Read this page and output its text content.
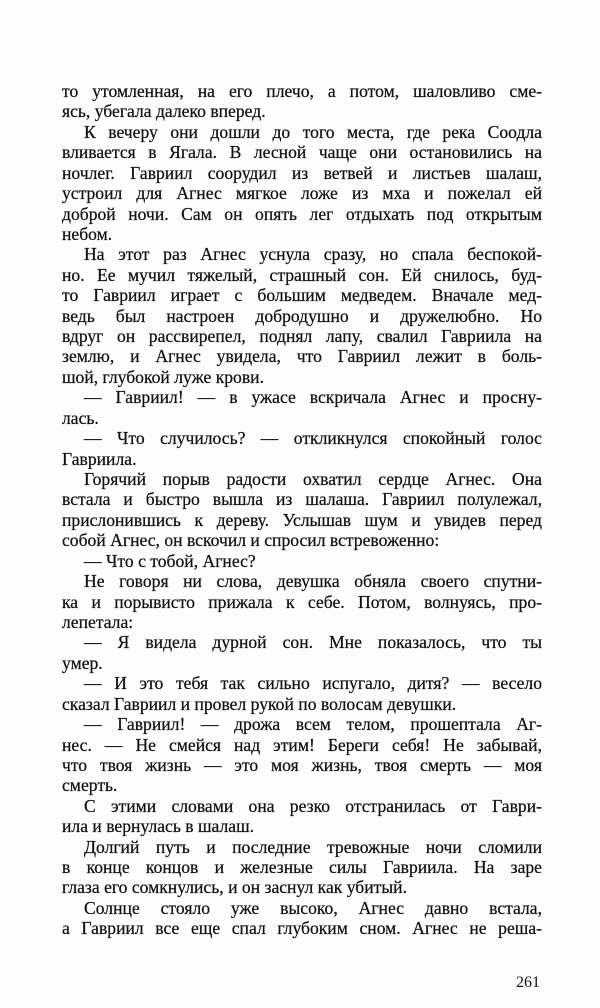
то утомленная, на его плечо, а потом, шаловливо сме-
ясь, убегала далеко вперед.
К вечеру они дошли до того места, где река Соодла
вливается в Ягала. В лесной чаще они остановились на
ночлег. Гавриил соорудил из ветвей и листьев шалаш,
устроил для Агнес мягкое ложе из мха и пожелал ей
доброй ночи. Сам он опять лег отдыхать под открытым
небом.
На этот раз Агнес уснула сразу, но спала беспокой-
но. Ее мучил тяжелый, страшный сон. Ей снилось, буд-
то Гавриил играет с большим медведем. Вначале мед-
ведь был настроен добродушно и дружелюбно. Но
вдруг он рассвирепел, поднял лапу, свалил Гавриила на
землю, и Агнес увидела, что Гавриил лежит в боль-
шой, глубокой луже крови.
— Гавриил! — в ужасе вскричала Агнес и просну-
лась.
— Что случилось? — откликнулся спокойный голос
Гавриила.
Горячий порыв радости охватил сердце Агнес. Она
встала и быстро вышла из шалаша. Гавриил полулежал,
прислонившись к дереву. Услышав шум и увидев перед
собой Агнес, он вскочил и спросил встревоженно:
— Что с тобой, Агнес?
Не говоря ни слова, девушка обняла своего спутни-
ка и порывисто прижала к себе. Потом, волнуясь, про-
лепетала:
— Я видела дурной сон. Мне показалось, что ты
умер.
— И это тебя так сильно испугало, дитя? — весело
сказал Гавриил и провел рукой по волосам девушки.
— Гавриил! — дрожа всем телом, прошептала Аг-
нес. — Не смейся над этим! Береги себя! Не забывай,
что твоя жизнь — это моя жизнь, твоя смерть — моя
смерть.
С этими словами она резко отстранилась от Гаври-
ила и вернулась в шалаш.
Долгий путь и последние тревожные ночи сломили
в конце концов и железные силы Гавриила. На заре
глаза его сомкнулись, и он заснул как убитый.
Солнце стояло уже высоко, Агнес давно встала,
а Гавриил все еще спал глубоким сном. Агнес не реша-
261
